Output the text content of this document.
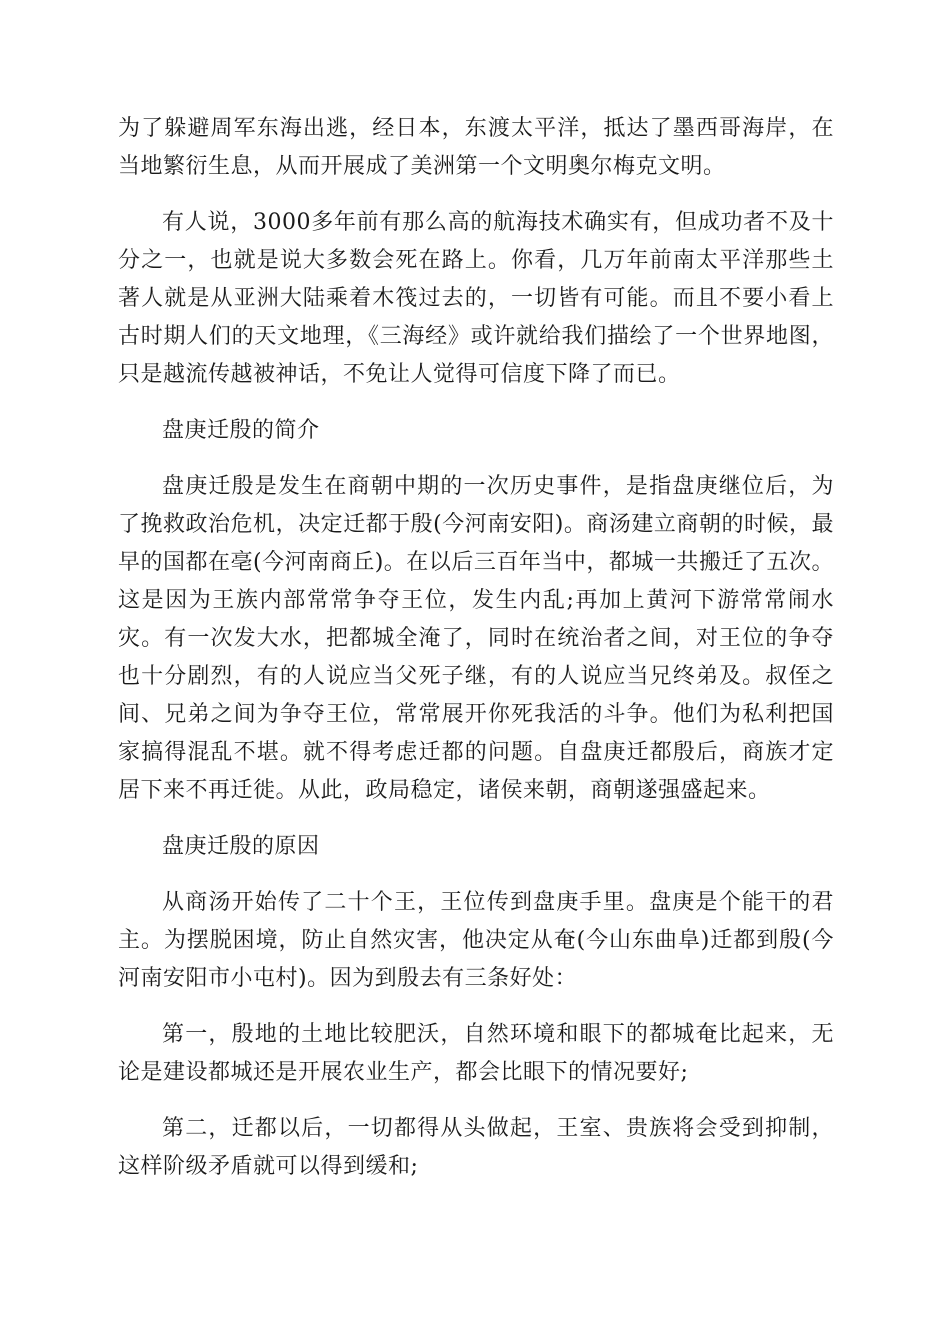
为了躲避周军东海出逃，经日本，东渡太平洋，抵达了墨西哥海岸，在当地繁衍生息，从而开展成了美洲第一个文明奥尔梅克文明。

有人说，3000多年前有那么高的航海技术确实有，但成功者不及十分之一，也就是说大多数会死在路上。你看，几万年前南太平洋那些土著人就是从亚洲大陆乘着木筏过去的，一切皆有可能。而且不要小看上古时期人们的天文地理，《三海经》或许就给我们描绘了一个世界地图，只是越流传越被神话，不免让人觉得可信度下降了而已。

盘庚迁殷的简介

盘庚迁殷是发生在商朝中期的一次历史事件，是指盘庚继位后，为了挽救政治危机，决定迁都于殷(今河南安阳)。商汤建立商朝的时候，最早的国都在亳(今河南商丘)。在以后三百年当中，都城一共搬迁了五次。这是因为王族内部常常争夺王位，发生内乱;再加上黄河下游常常闹水灾。有一次发大水，把都城全淹了，同时在统治者之间，对王位的争夺也十分剧烈，有的人说应当父死子继，有的人说应当兄终弟及。叔侄之间、兄弟之间为争夺王位，常常展开你死我活的斗争。他们为私利把国家搞得混乱不堪。就不得考虑迁都的问题。自盘庚迁都殷后，商族才定居下来不再迁徙。从此，政局稳定，诸侯来朝，商朝遂强盛起来。

盘庚迁殷的原因

从商汤开始传了二十个王，王位传到盘庚手里。盘庚是个能干的君主。为摆脱困境，防止自然灾害，他决定从奄(今山东曲阜)迁都到殷(今河南安阳市小屯村)。因为到殷去有三条好处：

第一，殷地的土地比较肥沃，自然环境和眼下的都城奄比起来，无论是建设都城还是开展农业生产，都会比眼下的情况要好;

第二，迁都以后，一切都得从头做起，王室、贵族将会受到抑制，这样阶级矛盾就可以得到缓和;
